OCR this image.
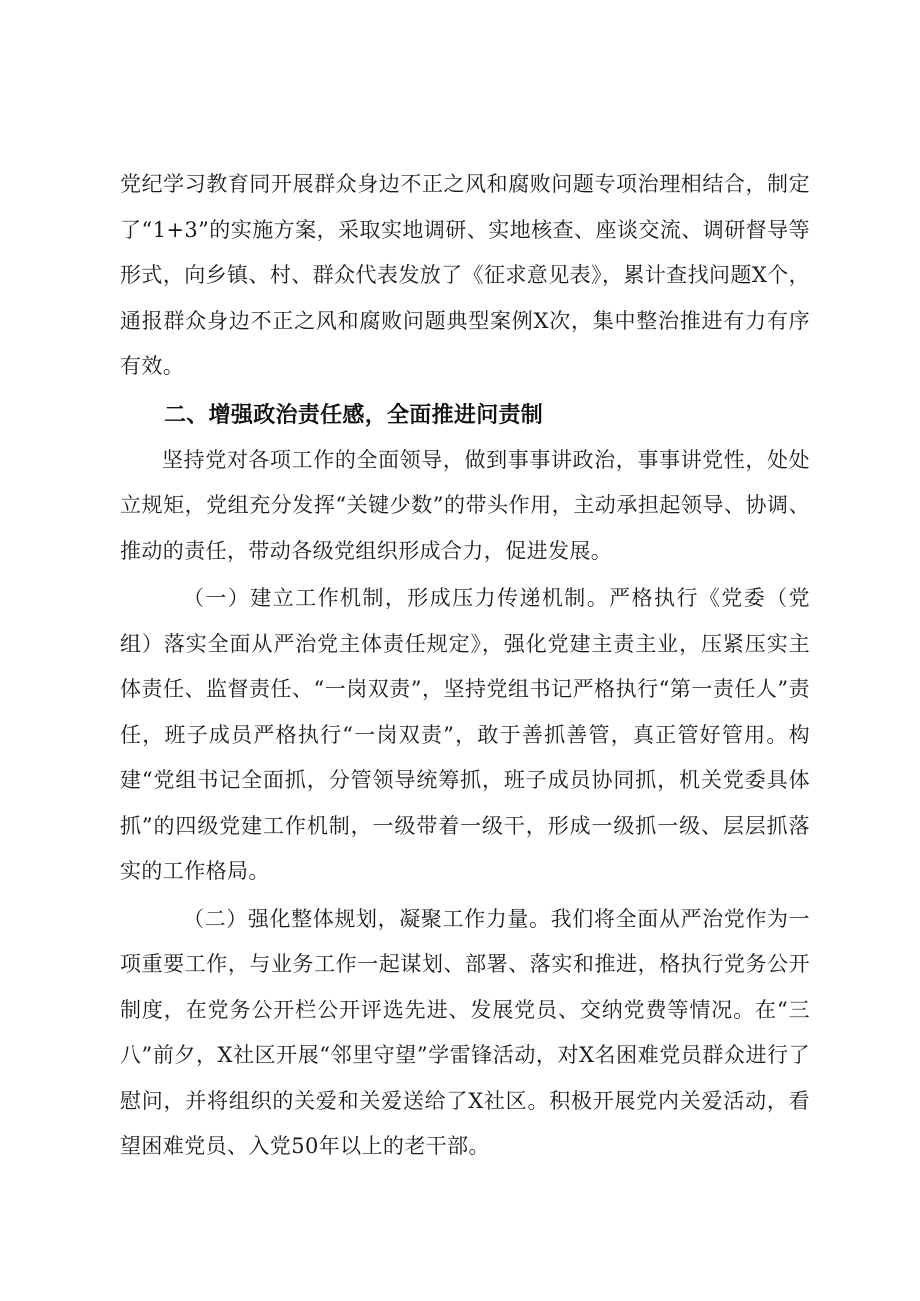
党纪学习教育同开展群众身边不正之风和腐败问题专项治理相结合，制定了“1+3”的实施方案，采取实地调研、实地核查、座谈交流、调研督导等形式，向乡镇、村、群众代表发放了《征求意见表》，累计查找问题X个，通报群众身边不正之风和腐败问题典型案例X次，集中整治推进有力有序有效。

二、增强政治责任感，全面推进问责制

坚持党对各项工作的全面领导，做到事事讲政治，事事讲党性，处处立规矩，党组充分发挥“关键少数”的带头作用，主动承担起领导、协调、推动的责任，带动各级党组织形成合力，促进发展。

（一）建立工作机制，形成压力传递机制。严格执行《党委（党组）落实全面从严治党主体责任规定》，强化党建主责主业，压紧压实主体责任、监督责任、“一岗双责”，坚持党组书记严格执行“第一责任人”责任，班子成员严格执行“一岗双责”，敢于善抓善管，真正管好管用。构建“党组书记全面抓，分管领导统筹抓，班子成员协同抓，机关党委具体抓”的四级党建工作机制，一级带着一级干，形成一级抓一级、层层抓落实的工作格局。

（二）强化整体规划，凝聚工作力量。我们将全面从严治党作为一项重要工作，与业务工作一起谋划、部署、落实和推进，格执行党务公开制度，在党务公开栏公开评选先进、发展党员、交纳党费等情况。在“三八”前夕，X社区开展“邻里守望”学雷锋活动，对X名困难党员群众进行了慰问，并将组织的关爱和关爱送给了X社区。积极开展党内关爱活动，看望困难党员、入党50年以上的老干部。
